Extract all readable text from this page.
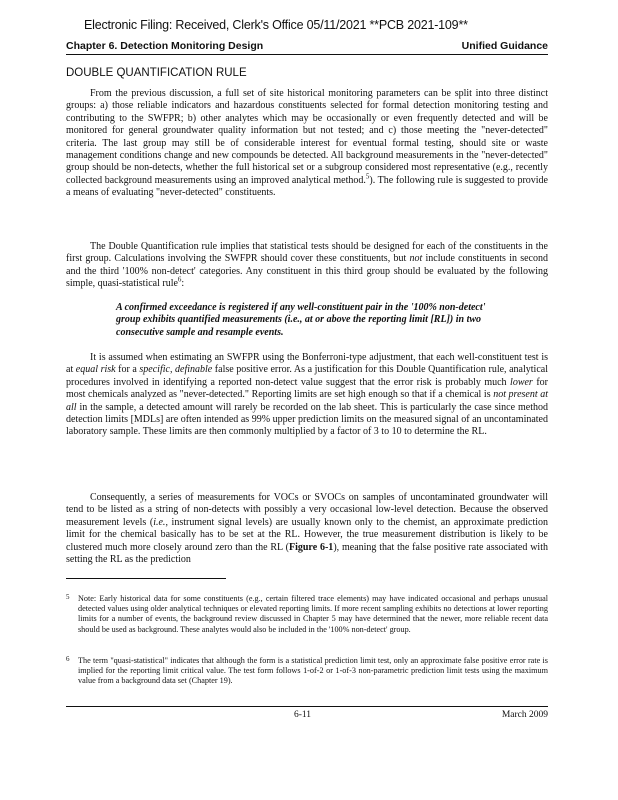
Electronic Filing: Received, Clerk's Office 05/11/2021 **PCB 2021-109**
Chapter 6. Detection Monitoring Design	Unified Guidance
DOUBLE QUANTIFICATION RULE

From the previous discussion, a full set of site historical monitoring parameters can be split into three distinct groups: a) those reliable indicators and hazardous constituents selected for formal detection monitoring testing and contributing to the SWFPR; b) other analytes which may be occasionally or even frequently detected and will be monitored for general groundwater quality information but not tested; and c) those meeting the "never-detected" criteria. The last group may still be of considerable interest for eventual formal testing, should site or waste management conditions change and new compounds be detected. All background measurements in the "never-detected" group should be non-detects, whether the full historical set or a subgroup considered most representative (e.g., recently collected background measurements using an improved analytical method.$^5$). The following rule is suggested to provide a means of evaluating "never-detected" constituents.

The Double Quantification rule implies that statistical tests should be designed for each of the constituents in the first group. Calculations involving the SWFPR should cover these constituents, but not include constituents in second and the third '100% non-detect' categories. Any constituent in this third group should be evaluated by the following simple, quasi-statistical rule$^6$:

A confirmed exceedance is registered if any well-constituent pair in the '100% non-detect' group exhibits quantified measurements (i.e., at or above the reporting limit [RL]) in two consecutive sample and resample events.

It is assumed when estimating an SWFPR using the Bonferroni-type adjustment, that each well-constituent test is at equal risk for a specific, definable false positive error. As a justification for this Double Quantification rule, analytical procedures involved in identifying a reported non-detect value suggest that the error risk is probably much lower for most chemicals analyzed as "never-detected." Reporting limits are set high enough so that if a chemical is not present at all in the sample, a detected amount will rarely be recorded on the lab sheet. This is particularly the case since method detection limits [MDLs] are often intended as 99% upper prediction limits on the measured signal of an uncontaminated laboratory sample. These limits are then commonly multiplied by a factor of 3 to 10 to determine the RL.

Consequently, a series of measurements for VOCs or SVOCs on samples of uncontaminated groundwater will tend to be listed as a string of non-detects with possibly a very occasional low-level detection. Because the observed measurement levels (i.e., instrument signal levels) are usually known only to the chemist, an approximate prediction limit for the chemical basically has to be set at the RL. However, the true measurement distribution is likely to be clustered much more closely around zero than the RL (Figure 6-1), meaning that the false positive rate associated with setting the RL as the prediction

5 Note: Early historical data for some constituents (e.g., certain filtered trace elements) may have indicated occasional and perhaps unusual detected values using older analytical techniques or elevated reporting limits. If more recent sampling exhibits no detections at lower reporting limits for a number of events, the background review discussed in Chapter 5 may have determined that the newer, more reliable recent data should be used as background. These analytes would also be included in the '100% non-detect' group.

6 The term "quasi-statistical" indicates that although the form is a statistical prediction limit test, only an approximate false positive error rate is implied for the reporting limit critical value. The test form follows 1-of-2 or 1-of-3 non-parametric prediction limit tests using the maximum value from a background data set (Chapter 19).

6-11	March 2009
